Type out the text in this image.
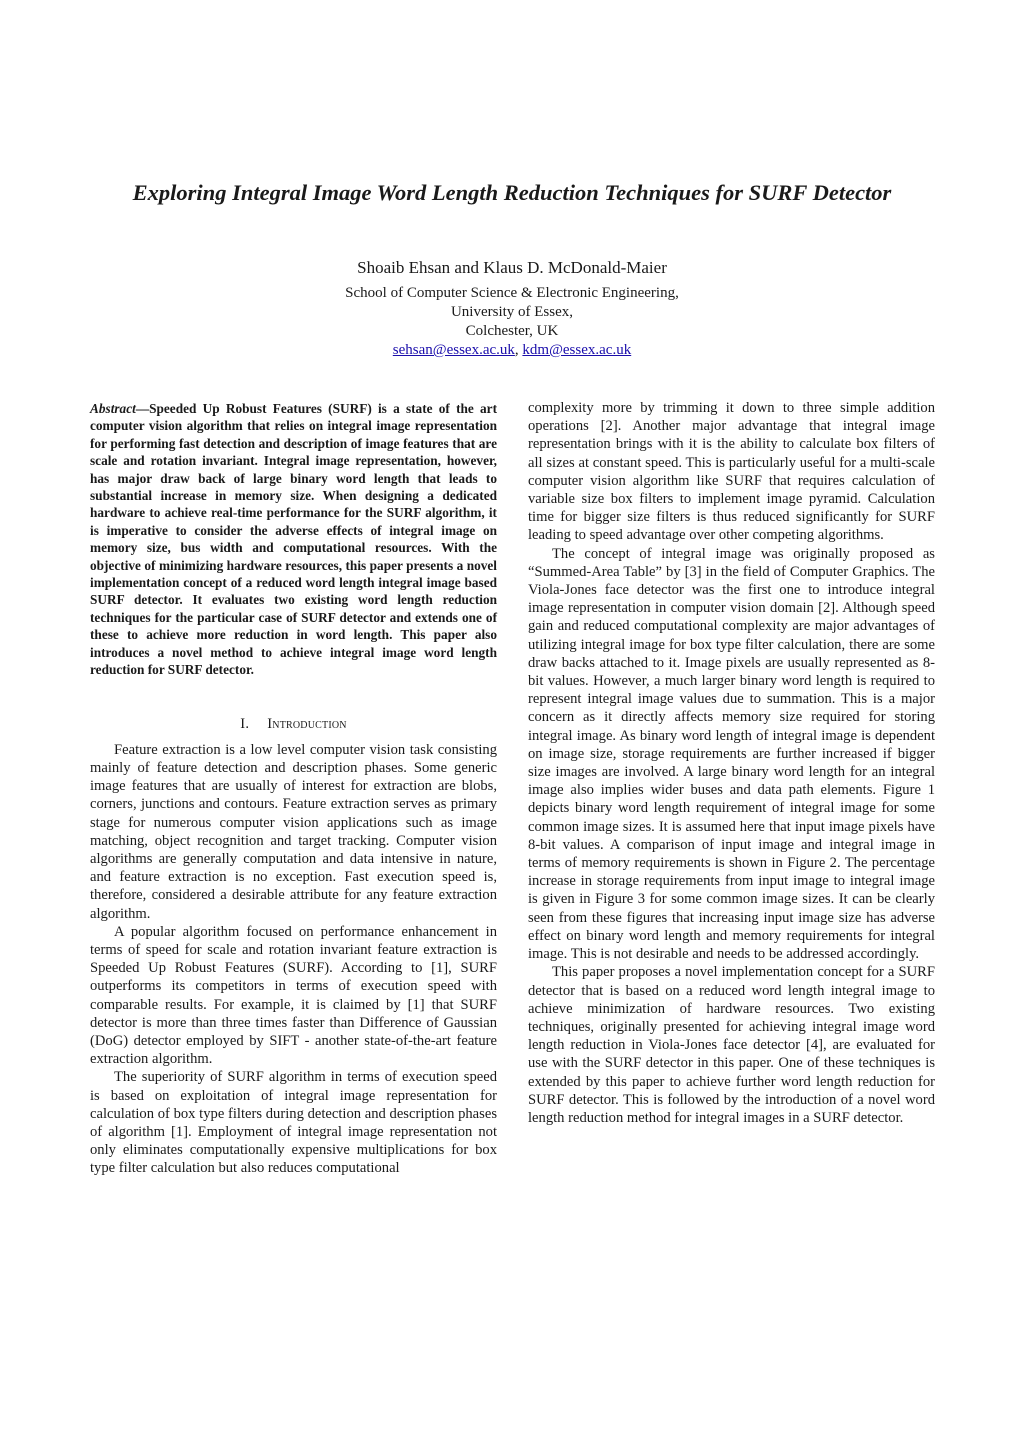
Exploring Integral Image Word Length Reduction Techniques for SURF Detector
Shoaib Ehsan and Klaus D. McDonald-Maier
School of Computer Science & Electronic Engineering,
University of Essex,
Colchester, UK
sehsan@essex.ac.uk, kdm@essex.ac.uk

Abstract—Speeded Up Robust Features (SURF) is a state of the art computer vision algorithm that relies on integral image representation for performing fast detection and description of image features that are scale and rotation invariant. Integral image representation, however, has major draw back of large binary word length that leads to substantial increase in memory size. When designing a dedicated hardware to achieve real-time performance for the SURF algorithm, it is imperative to consider the adverse effects of integral image on memory size, bus width and computational resources. With the objective of minimizing hardware resources, this paper presents a novel implementation concept of a reduced word length integral image based SURF detector. It evaluates two existing word length reduction techniques for the particular case of SURF detector and extends one of these to achieve more reduction in word length. This paper also introduces a novel method to achieve integral image word length reduction for SURF detector.

I. Introduction

Feature extraction is a low level computer vision task consisting mainly of feature detection and description phases. Some generic image features that are usually of interest for extraction are blobs, corners, junctions and contours. Feature extraction serves as primary stage for numerous computer vision applications such as image matching, object recognition and target tracking. Computer vision algorithms are generally computation and data intensive in nature, and feature extraction is no exception. Fast execution speed is, therefore, considered a desirable attribute for any feature extraction algorithm.

A popular algorithm focused on performance enhancement in terms of speed for scale and rotation invariant feature extraction is Speeded Up Robust Features (SURF). According to [1], SURF outperforms its competitors in terms of execution speed with comparable results. For example, it is claimed by [1] that SURF detector is more than three times faster than Difference of Gaussian (DoG) detector employed by SIFT - another state-of-the-art feature extraction algorithm.

The superiority of SURF algorithm in terms of execution speed is based on exploitation of integral image representation for calculation of box type filters during detection and description phases of algorithm [1]. Employment of integral image representation not only eliminates computationally expensive multiplications for box type filter calculation but also reduces computational

complexity more by trimming it down to three simple addition operations [2]. Another major advantage that integral image representation brings with it is the ability to calculate box filters of all sizes at constant speed. This is particularly useful for a multi-scale computer vision algorithm like SURF that requires calculation of variable size box filters to implement image pyramid. Calculation time for bigger size filters is thus reduced significantly for SURF leading to speed advantage over other competing algorithms.

The concept of integral image was originally proposed as “Summed-Area Table” by [3] in the field of Computer Graphics. The Viola-Jones face detector was the first one to introduce integral image representation in computer vision domain [2]. Although speed gain and reduced computational complexity are major advantages of utilizing integral image for box type filter calculation, there are some draw backs attached to it. Image pixels are usually represented as 8-bit values. However, a much larger binary word length is required to represent integral image values due to summation. This is a major concern as it directly affects memory size required for storing integral image. As binary word length of integral image is dependent on image size, storage requirements are further increased if bigger size images are involved. A large binary word length for an integral image also implies wider buses and data path elements. Figure 1 depicts binary word length requirement of integral image for some common image sizes. It is assumed here that input image pixels have 8-bit values. A comparison of input image and integral image in terms of memory requirements is shown in Figure 2. The percentage increase in storage requirements from input image to integral image is given in Figure 3 for some common image sizes. It can be clearly seen from these figures that increasing input image size has adverse effect on binary word length and memory requirements for integral image. This is not desirable and needs to be addressed accordingly.

This paper proposes a novel implementation concept for a SURF detector that is based on a reduced word length integral image to achieve minimization of hardware resources. Two existing techniques, originally presented for achieving integral image word length reduction in Viola-Jones face detector [4], are evaluated for use with the SURF detector in this paper. One of these techniques is extended by this paper to achieve further word length reduction for SURF detector. This is followed by the introduction of a novel word length reduction method for integral images in a SURF detector.
